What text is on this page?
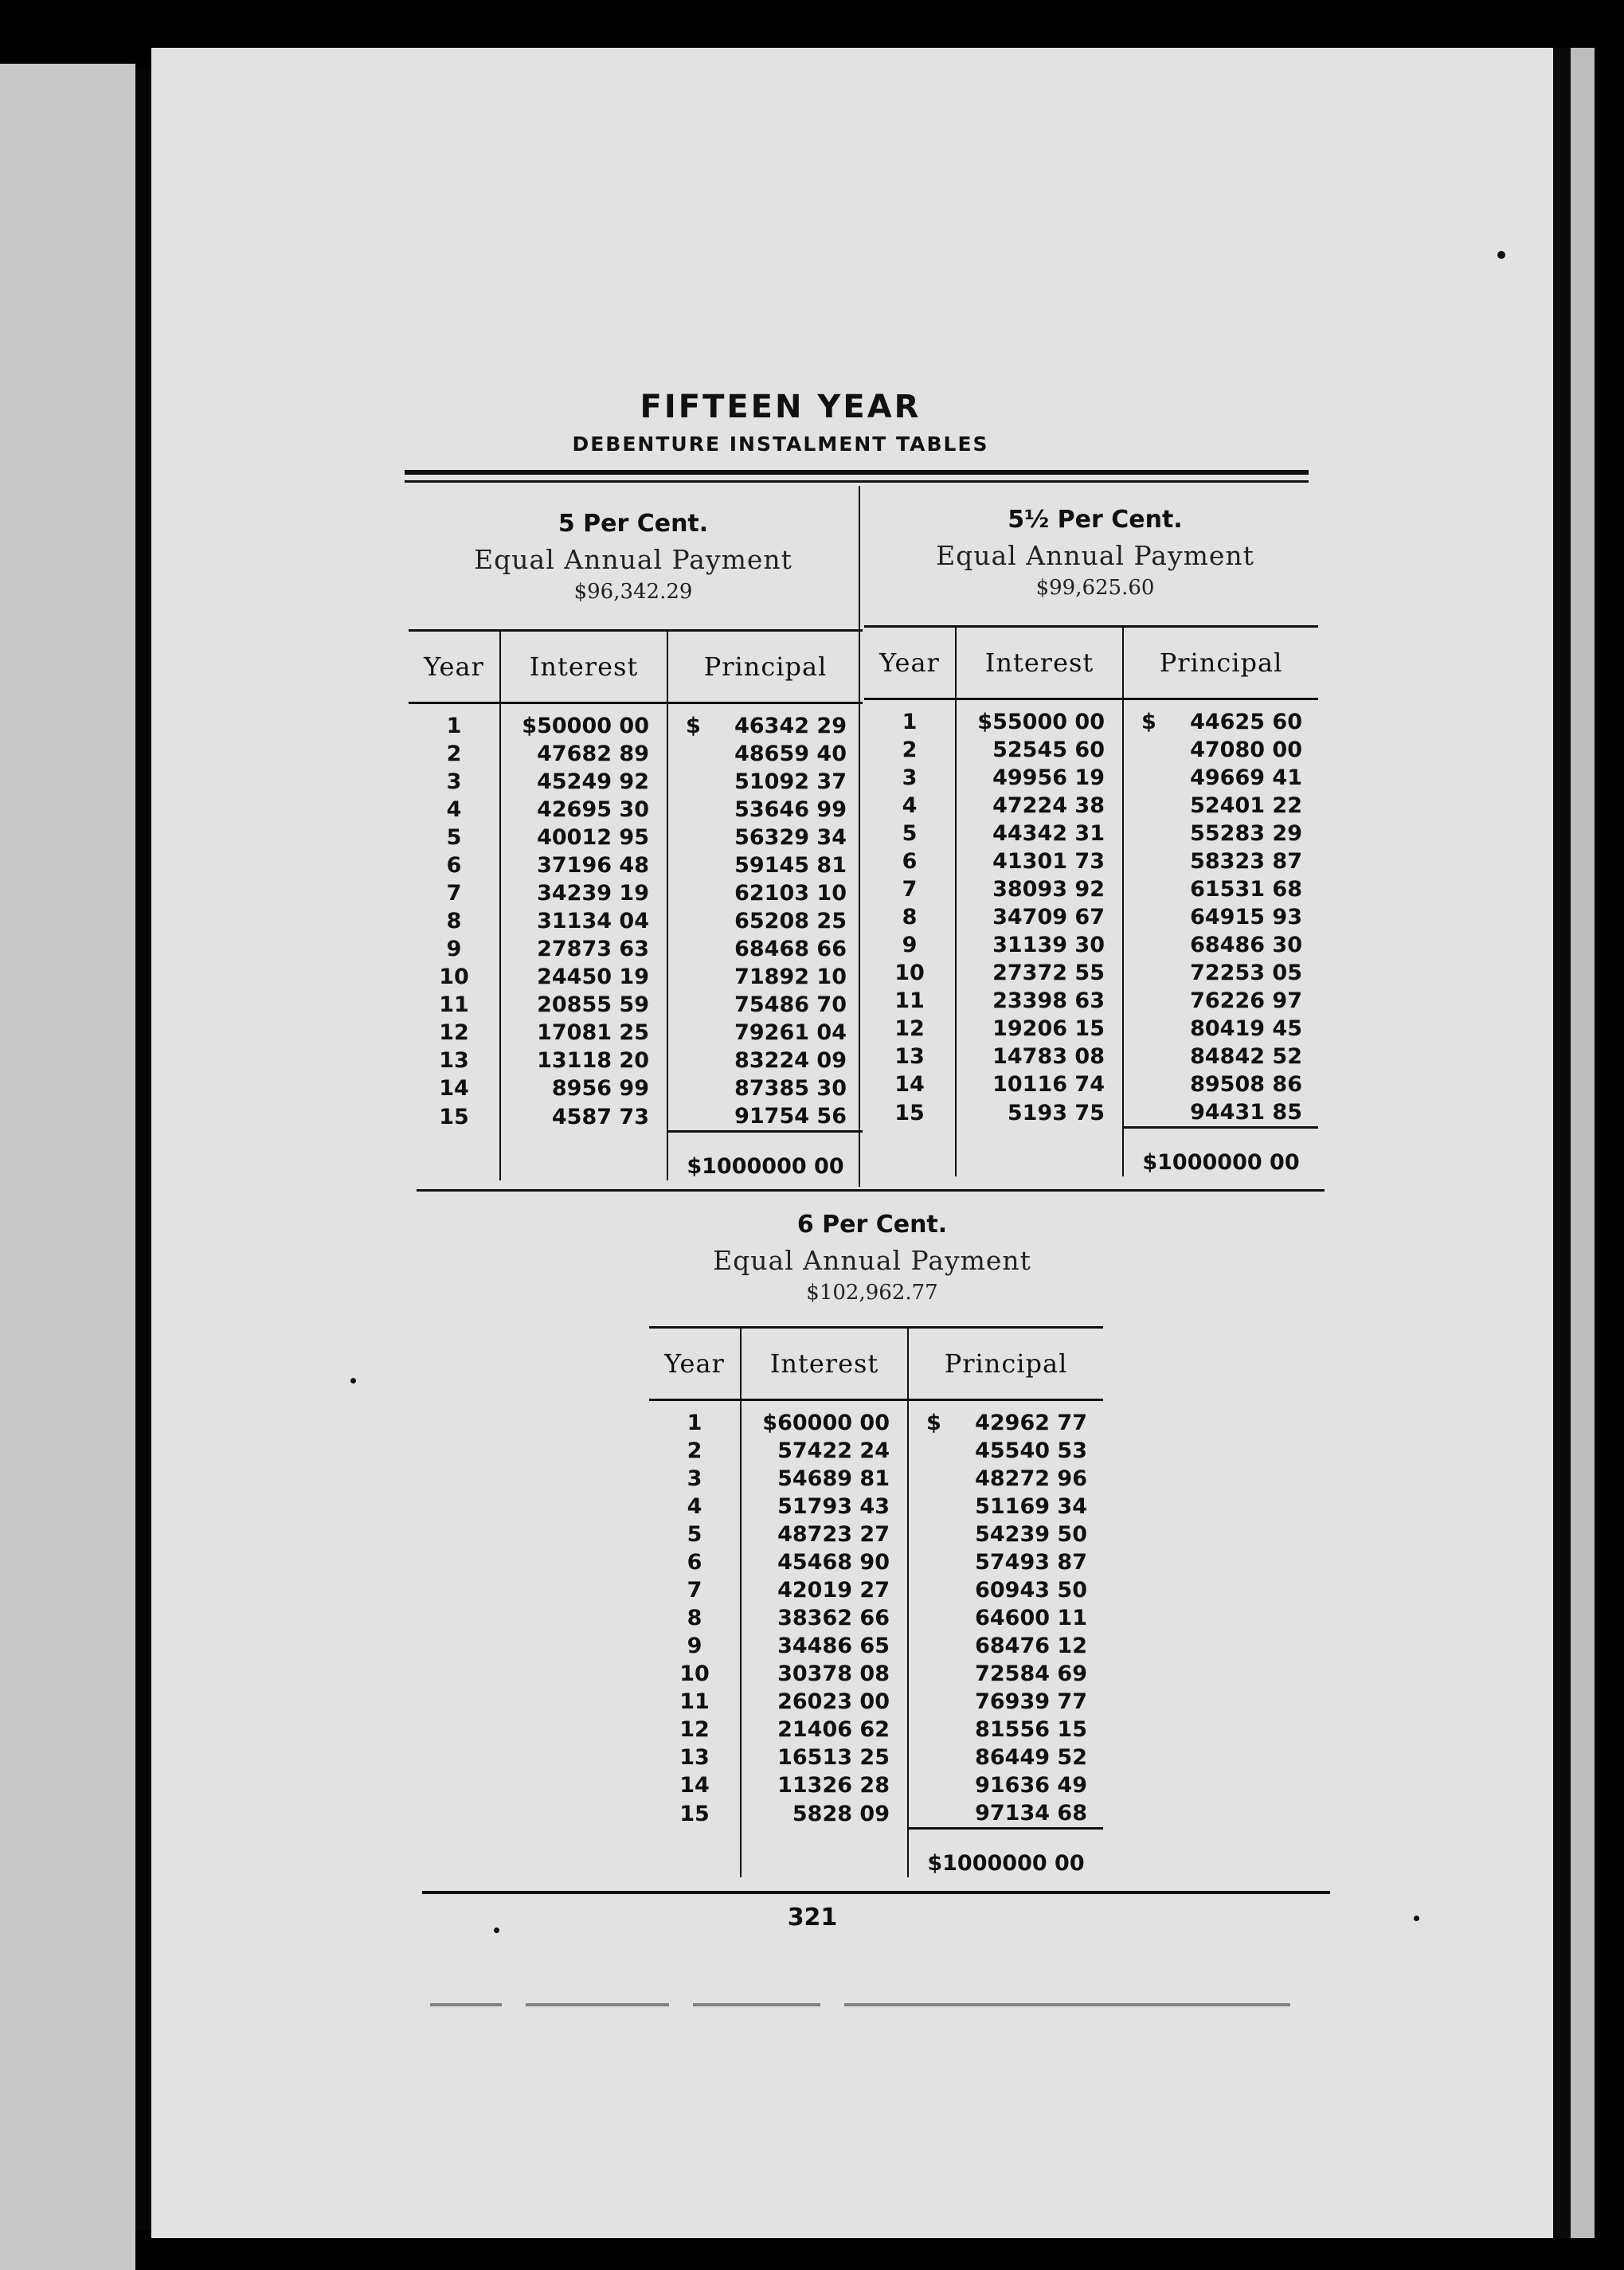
FIFTEEN YEAR
DEBENTURE INSTALMENT TABLES
5 Per Cent.
Equal Annual Payment
$96,342.29
5½ Per Cent.
Equal Annual Payment
$99,625.60
6 Per Cent.
Equal Annual Payment
$102,962.77
Year	Interest	Principal
1	$50000 00	$ 46342 29
2	47682 89	48659 40
3	45249 92	51092 37
4	42695 30	53646 99
5	40012 95	56329 34
6	37196 48	59145 81
7	34239 19	62103 10
8	31134 04	65208 25
9	27873 63	68468 66
10	24450 19	71892 10
11	20855 59	75486 70
12	17081 25	79261 04
13	13118 20	83224 09
14	8956 99	87385 30
15	4587 73	91754 56
		$1000000 00
Year	Interest	Principal
1	$55000 00	$ 44625 60
2	52545 60	47080 00
3	49956 19	49669 41
4	47224 38	52401 22
5	44342 31	55283 29
6	41301 73	58323 87
7	38093 92	61531 68
8	34709 67	64915 93
9	31139 30	68486 30
10	27372 55	72253 05
11	23398 63	76226 97
12	19206 15	80419 45
13	14783 08	84842 52
14	10116 74	89508 86
15	5193 75	94431 85
		$1000000 00
Year	Interest	Principal
1	$60000 00	$ 42962 77
2	57422 24	45540 53
3	54689 81	48272 96
4	51793 43	51169 34
5	48723 27	54239 50
6	45468 90	57493 87
7	42019 27	60943 50
8	38362 66	64600 11
9	34486 65	68476 12
10	30378 08	72584 69
11	26023 00	76939 77
12	21406 62	81556 15
13	16513 25	86449 52
14	11326 28	91636 49
15	5828 09	97134 68
		$1000000 00
321
